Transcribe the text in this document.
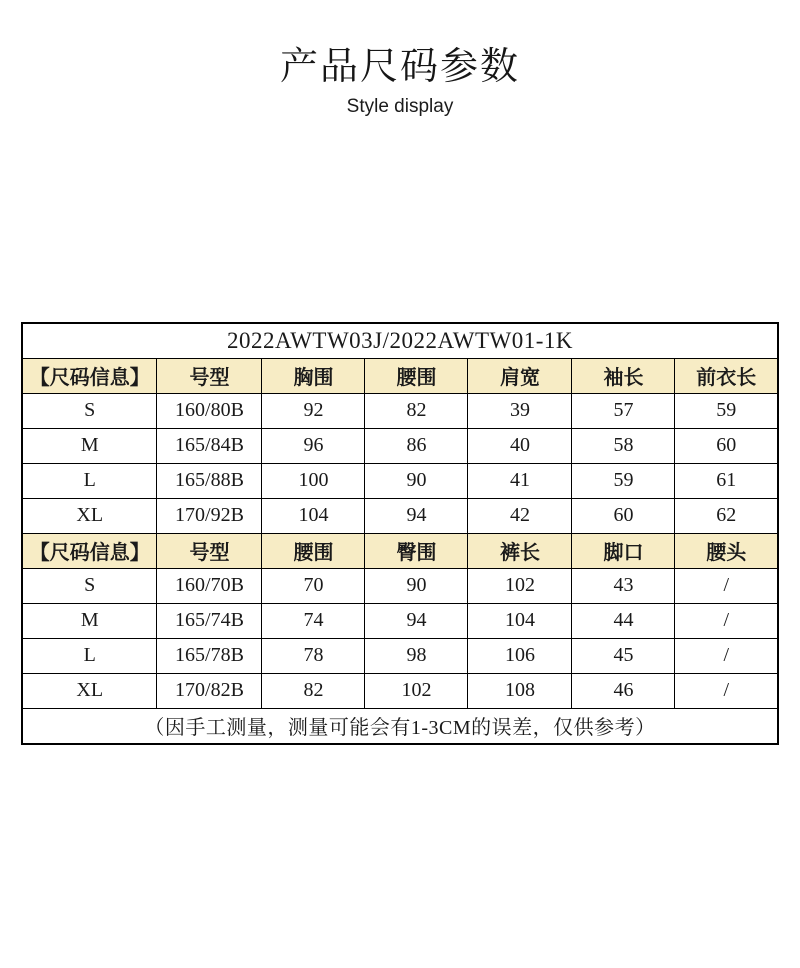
产品尺码参数
Style display
2022AWTW03J/2022AWTW01-1K						
【尺码信息】	号型	胸围	腰围	肩宽	袖长	前衣长
S	160/80B	92	82	39	57	59
M	165/84B	96	86	40	58	60
L	165/88B	100	90	41	59	61
XL	170/92B	104	94	42	60	62
【尺码信息】	号型	腰围	臀围	裤长	脚口	腰头
S	160/70B	70	90	102	43	/
M	165/74B	74	94	104	44	/
L	165/78B	78	98	106	45	/
XL	170/82B	82	102	108	46	/
（因手工测量，测量可能会有1-3CM的误差，仅供参考）						
